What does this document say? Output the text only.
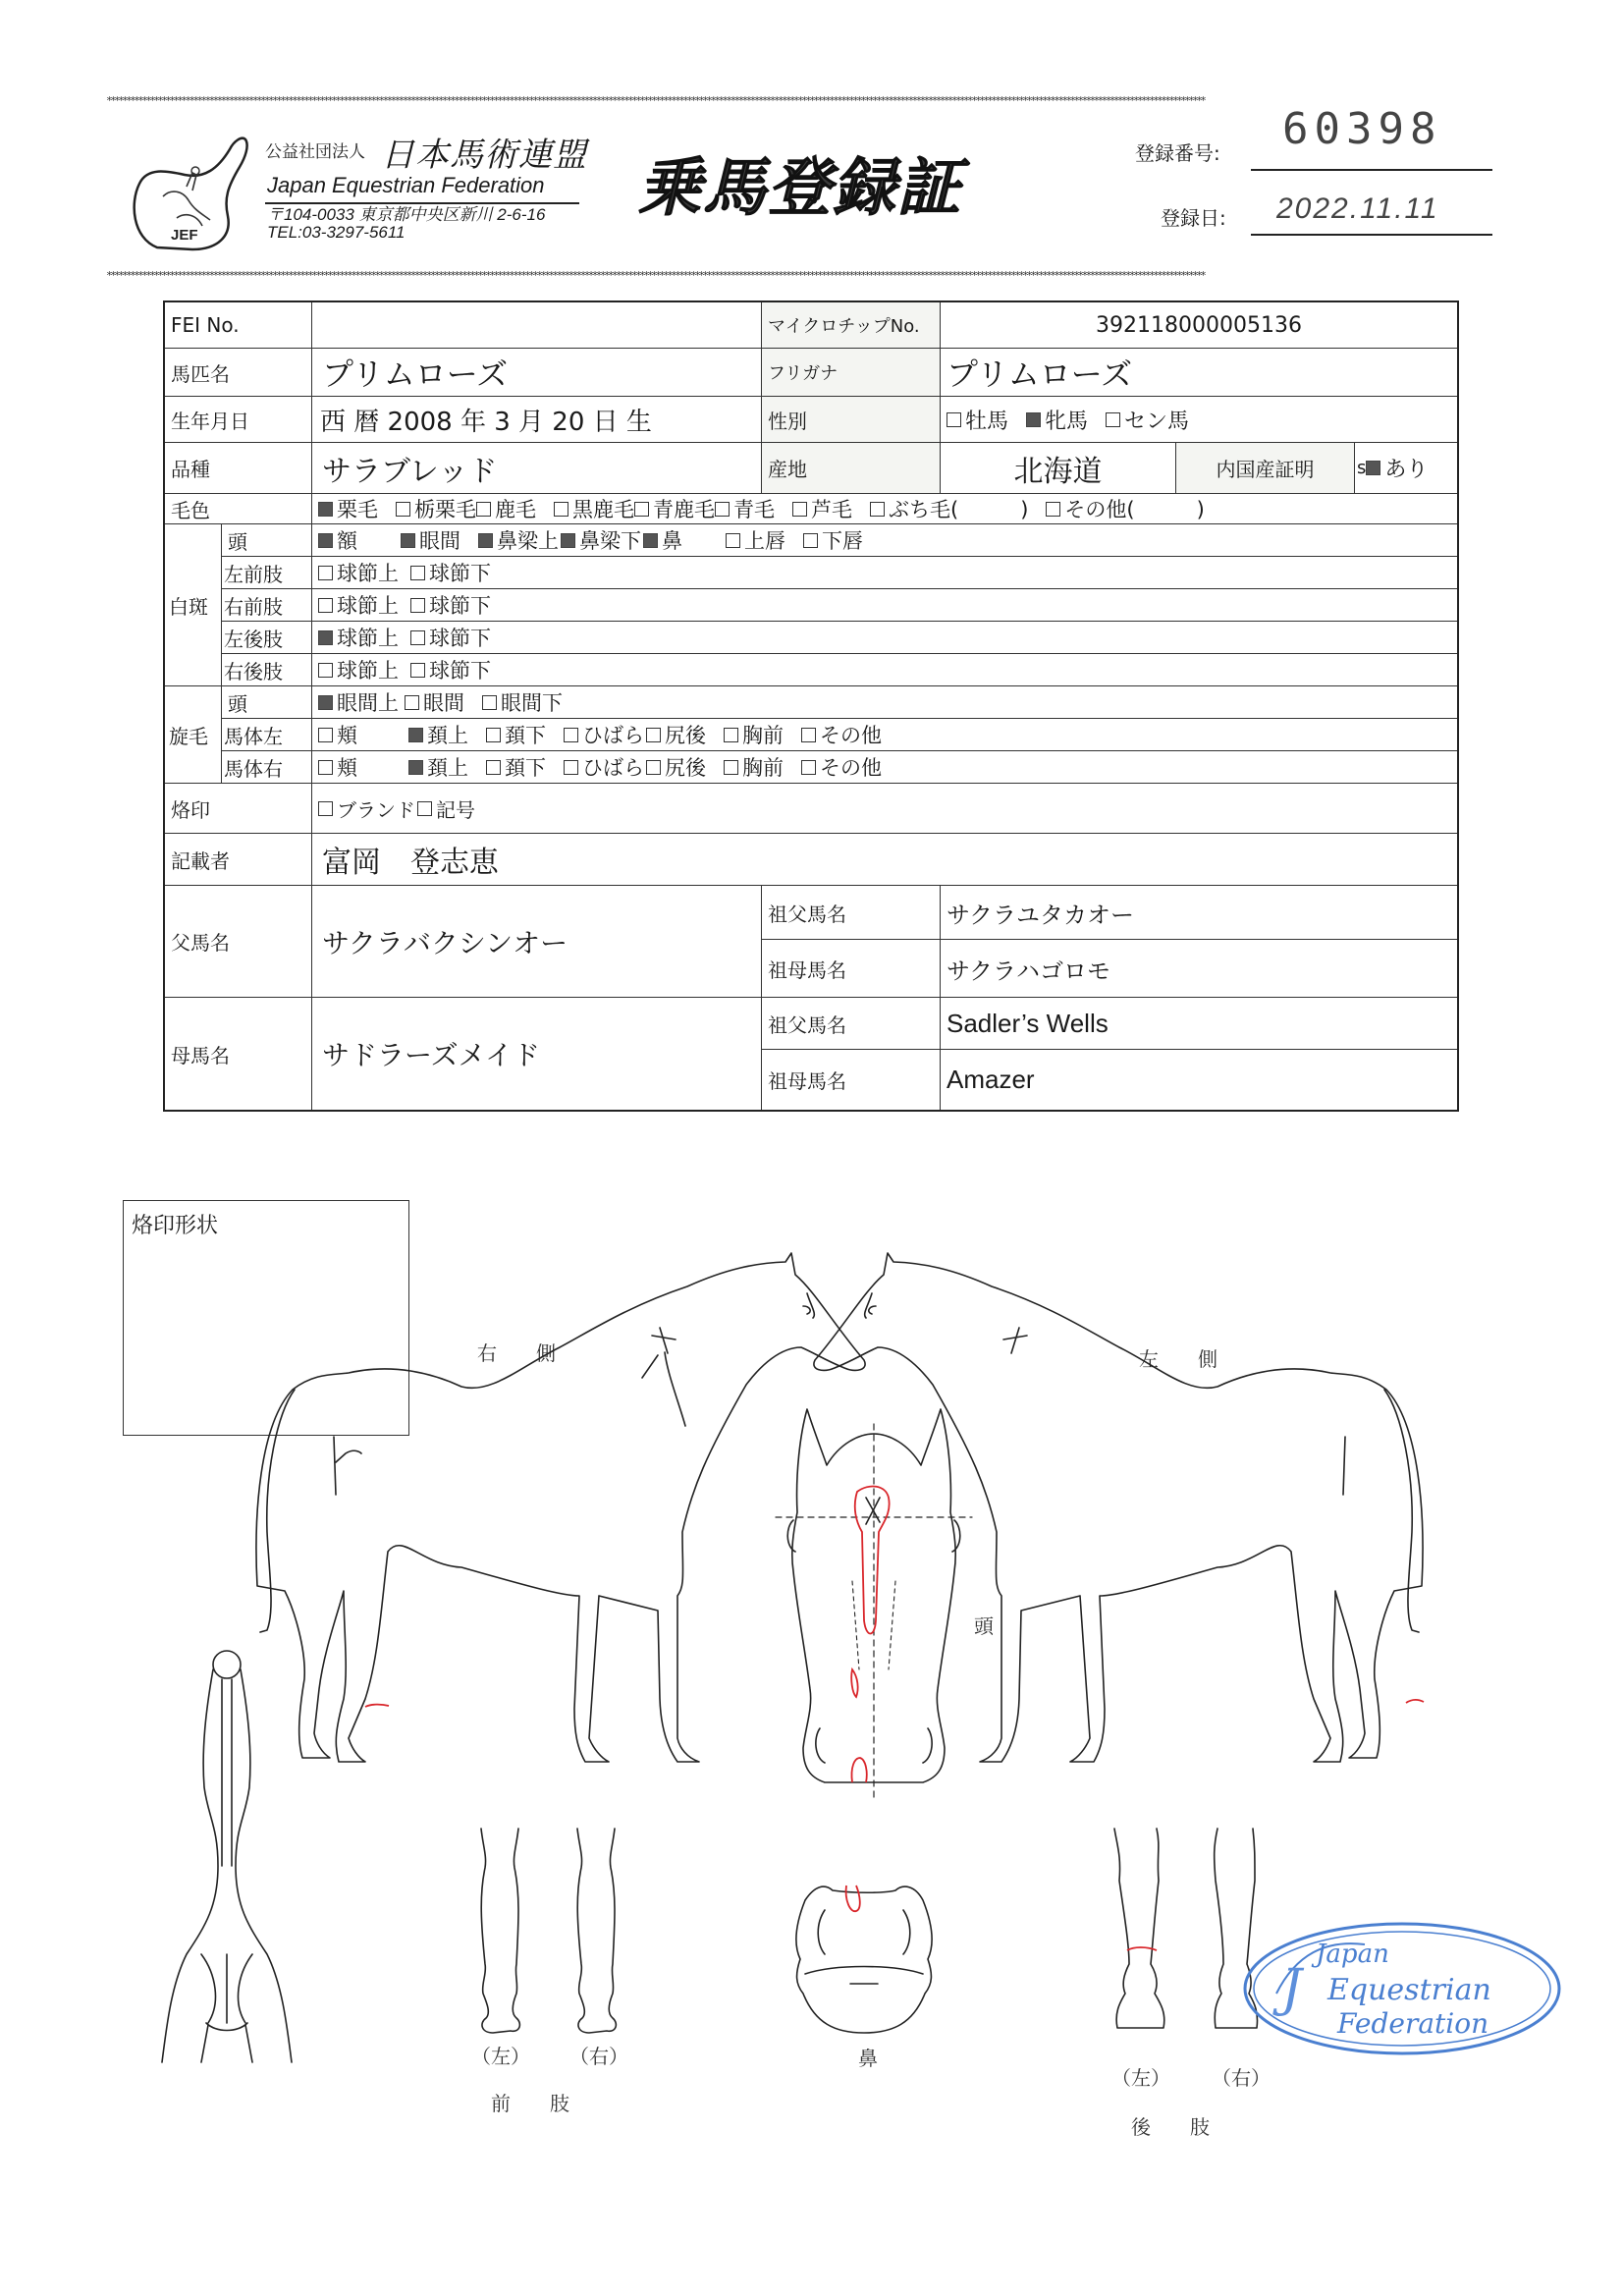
**************************************************************************************************************************************************************************************************************************************************************************************
**************************************************************************************************************************************************************************************************************************************************************************************
JEF
公益社団法人 日本馬術連盟
Japan Equestrian Federation
〒104-0033 東京都中央区新川 2-6-16
TEL:03-3297-5611
乗馬登録証	登録番号: 60398
登録日: 2022.11.11
FEI No.	マイクロチップNo.	392118000005136
馬匹名	プリムローズ	フリガナ	プリムローズ
生年月日	西 暦 2008 年 3 月 20 日 生	性別	牡馬 牝馬 セン馬
品種	サラブレッド	産地	北海道	内国産証明	s あり
毛色	栗毛 栃栗毛 鹿毛 黒鹿毛 青鹿毛 青毛 芦毛 ぶち毛(　　　) その他(　　　)
白斑
頭	額	眼間 鼻梁上 鼻梁下 鼻	上唇 下唇
左前肢	球節上 球節下
右前肢	球節上 球節下
左後肢	球節上 球節下
右後肢	球節上 球節下
旋毛
頭	眼間上 眼間 眼間下
馬体左	頬	頚上 頚下 ひばら 尻後 胸前 その他
馬体右	頬	頚上 頚下 ひばら 尻後 胸前 その他
烙印	ブランド 記号
記載者	富岡　登志恵
父馬名	サクラバクシンオー
祖父馬名	サクラユタカオー
祖母馬名	サクラハゴロモ
母馬名	サドラーズメイド
祖父馬名	Sadler’s Wells
祖母馬名	Amazer
烙印形状
右　　側	左　　側
頭
鼻
（左） （右）
前　　肢
（左） （右）
後　　肢
J
Japan
Equestrian
Federation
